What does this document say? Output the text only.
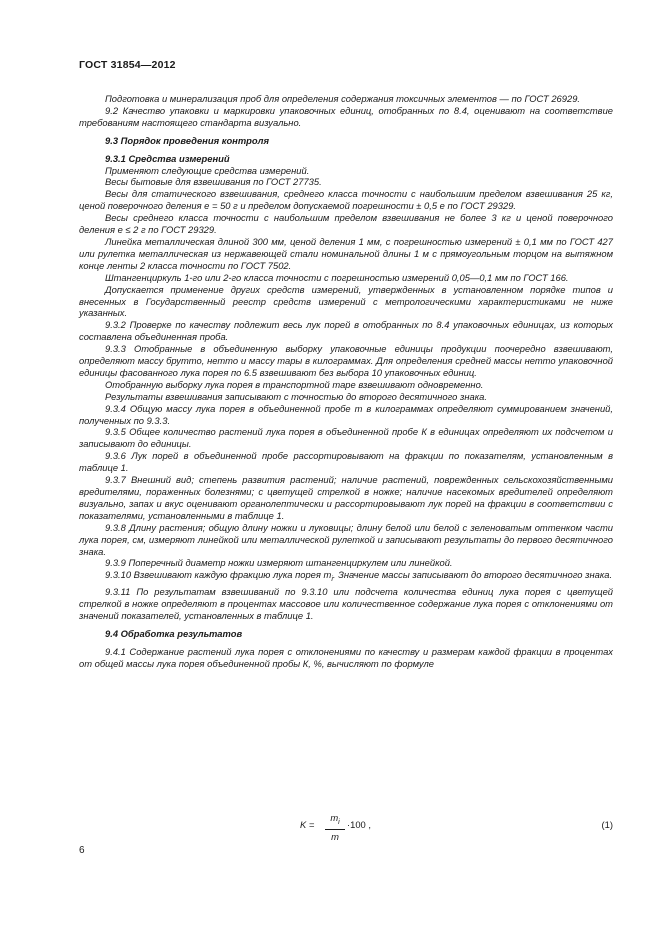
ГОСТ 31854—2012

Подготовка и минерализация проб для определения содержания токсичных элементов — по ГОСТ 26929.

9.2 Качество упаковки и маркировки упаковочных единиц, отобранных по 8.4, оценивают на соответствие требованиям настоящего стандарта визуально.

9.3 Порядок проведения контроля

9.3.1 Средства измерений

Применяют следующие средства измерений.

Весы бытовые для взвешивания по ГОСТ 27735.

Весы для статического взвешивания, среднего класса точности с наибольшим пределом взвешивания 25 кг, ценой поверочного деления е = 50 г и пределом допускаемой погрешности ± 0,5 е по ГОСТ 29329.

Весы среднего класса точности с наибольшим пределом взвешивания не более 3 кг и ценой поверочного деления е ≤ 2 г по ГОСТ 29329.

Линейка металлическая длиной 300 мм, ценой деления 1 мм, с погрешностью измерений ± 0,1 мм по ГОСТ 427 или рулетка металлическая из нержавеющей стали номинальной длины 1 м с прямоугольным торцом на вытяжном конце ленты 2 класса точности по ГОСТ 7502.

Штангенциркуль 1-го или 2-го класса точности с погрешностью измерений 0,05—0,1 мм по ГОСТ 166.

Допускается применение других средств измерений, утвержденных в установленном порядке типов и внесенных в Государственный реестр средств измерений с метрологическими характеристиками не ниже указанных.

9.3.2 Проверке по качеству подлежит весь лук порей в отобранных по 8.4 упаковочных единицах, из которых составлена объединенная проба.

9.3.3 Отобранные в объединенную выборку упаковочные единицы продукции поочередно взвешивают, определяют массу брутто, нетто и массу тары в килограммах. Для определения средней массы нетто упаковочной единицы фасованного лука порея по 6.5 взвешивают без выбора 10 упаковочных единиц.

Отобранную выборку лука порея в транспортной таре взвешивают одновременно.

Результаты взвешивания записывают с точностью до второго десятичного знака.

9.3.4 Общую массу лука порея в объединенной пробе m в килограммах определяют суммированием значений, полученных по 9.3.3.

9.3.5 Общее количество растений лука порея в объединенной пробе К в единицах определяют их подсчетом и записывают до единицы.

9.3.6 Лук порей в объединенной пробе рассортировывают на фракции по показателям, установленным в таблице 1.

9.3.7 Внешний вид; степень развития растений; наличие растений, поврежденных сельскохозяйственными вредителями, пораженных болезнями; с цветущей стрелкой в ножке; наличие насекомых вредителей определяют визуально, запах и вкус оценивают органолептически и рассортировывают лук порей на фракции в соответствии с показателями, установленными в таблице 1.

9.3.8 Длину растения; общую длину ножки и луковицы; длину белой или белой с зеленоватым оттенком части лука порея, см, измеряют линейкой или металлической рулеткой и записывают результаты до первого десятичного знака.

9.3.9 Поперечный диаметр ножки измеряют штангенциркулем или линейкой.

9.3.10 Взвешивают каждую фракцию лука порея $m_i$. Значение массы записывают до второго десятичного знака.

9.3.11 По результатам взвешиваний по 9.3.10 или подсчета количества единиц лука порея с цветущей стрелкой в ножке определяют в процентах массовое или количественное содержание лука порея с отклонениями от значений показателей, установленных в таблице 1.

9.4 Обработка результатов

9.4.1 Содержание растений лука порея с отклонениями по качеству и размерам каждой фракции в процентах от общей массы лука порея объединенной пробы К, %, вычисляют по формуле

$K = \frac{m_i}{m} \cdot 100$ ,	(1)
6
